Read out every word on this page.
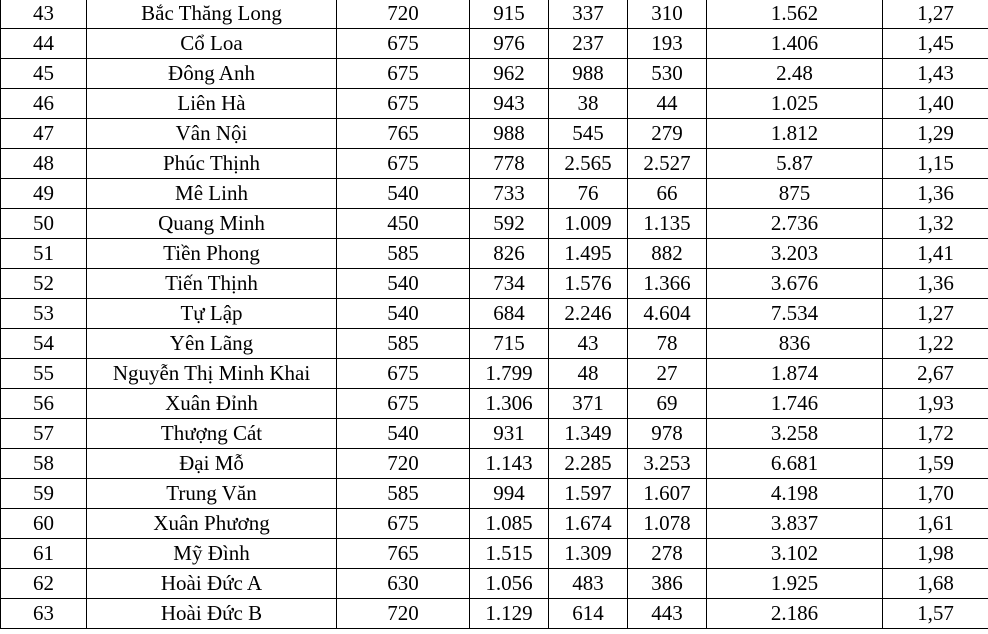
43	Bắc Thăng Long	720	915	337	310	1.562	1,27
44	Cổ Loa	675	976	237	193	1.406	1,45
45	Đông Anh	675	962	988	530	2.48	1,43
46	Liên Hà	675	943	38	44	1.025	1,40
47	Vân Nội	765	988	545	279	1.812	1,29
48	Phúc Thịnh	675	778	2.565	2.527	5.87	1,15
49	Mê Linh	540	733	76	66	875	1,36
50	Quang Minh	450	592	1.009	1.135	2.736	1,32
51	Tiền Phong	585	826	1.495	882	3.203	1,41
52	Tiến Thịnh	540	734	1.576	1.366	3.676	1,36
53	Tự Lập	540	684	2.246	4.604	7.534	1,27
54	Yên Lãng	585	715	43	78	836	1,22
55	Nguyễn Thị Minh Khai	675	1.799	48	27	1.874	2,67
56	Xuân Đỉnh	675	1.306	371	69	1.746	1,93
57	Thượng Cát	540	931	1.349	978	3.258	1,72
58	Đại Mỗ	720	1.143	2.285	3.253	6.681	1,59
59	Trung Văn	585	994	1.597	1.607	4.198	1,70
60	Xuân Phương	675	1.085	1.674	1.078	3.837	1,61
61	Mỹ Đình	765	1.515	1.309	278	3.102	1,98
62	Hoài Đức A	630	1.056	483	386	1.925	1,68
63	Hoài Đức B	720	1.129	614	443	2.186	1,57
